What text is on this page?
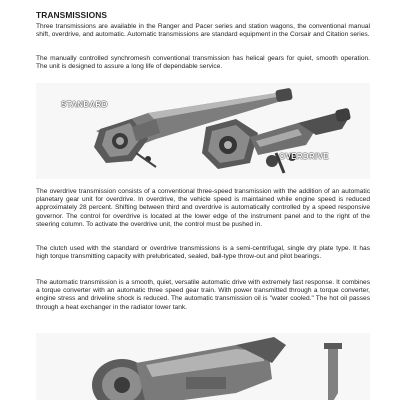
TRANSMISSIONS

Three transmissions are available in the Ranger and Pacer series and station wagons, the conventional manual shift, overdrive, and automatic. Automatic transmissions are standard equipment in the Corsair and Citation series.

The manually controlled synchromesh conventional transmission has helical gears for quiet, smooth operation. The unit is designed to assure a long life of dependable service.

STANDARD
OVERDRIVE

The overdrive transmission consists of a conventional three-speed transmission with the addition of an automatic planetary gear unit for overdrive. In overdrive, the vehicle speed is maintained while engine speed is reduced approximately 28 percent. Shifting between third and overdrive is automatically controlled by a speed responsive governor. The control for overdrive is located at the lower edge of the instrument panel and to the right of the steering column. To activate the overdrive unit, the control must be pushed in.

The clutch used with the standard or overdrive transmissions is a semi-centrifugal, single dry plate type. It has high torque transmitting capacity with prelubricated, sealed, ball-type throw-out and pilot bearings.

The automatic transmission is a smooth, quiet, versatile automatic drive with extremely fast response. It combines a torque converter with an automatic three speed gear train. With power transmitted through a torque converter, engine stress and driveline shock is reduced. The automatic transmission oil is "water cooled." The hot oil passes through a heat exchanger in the radiator lower tank.
